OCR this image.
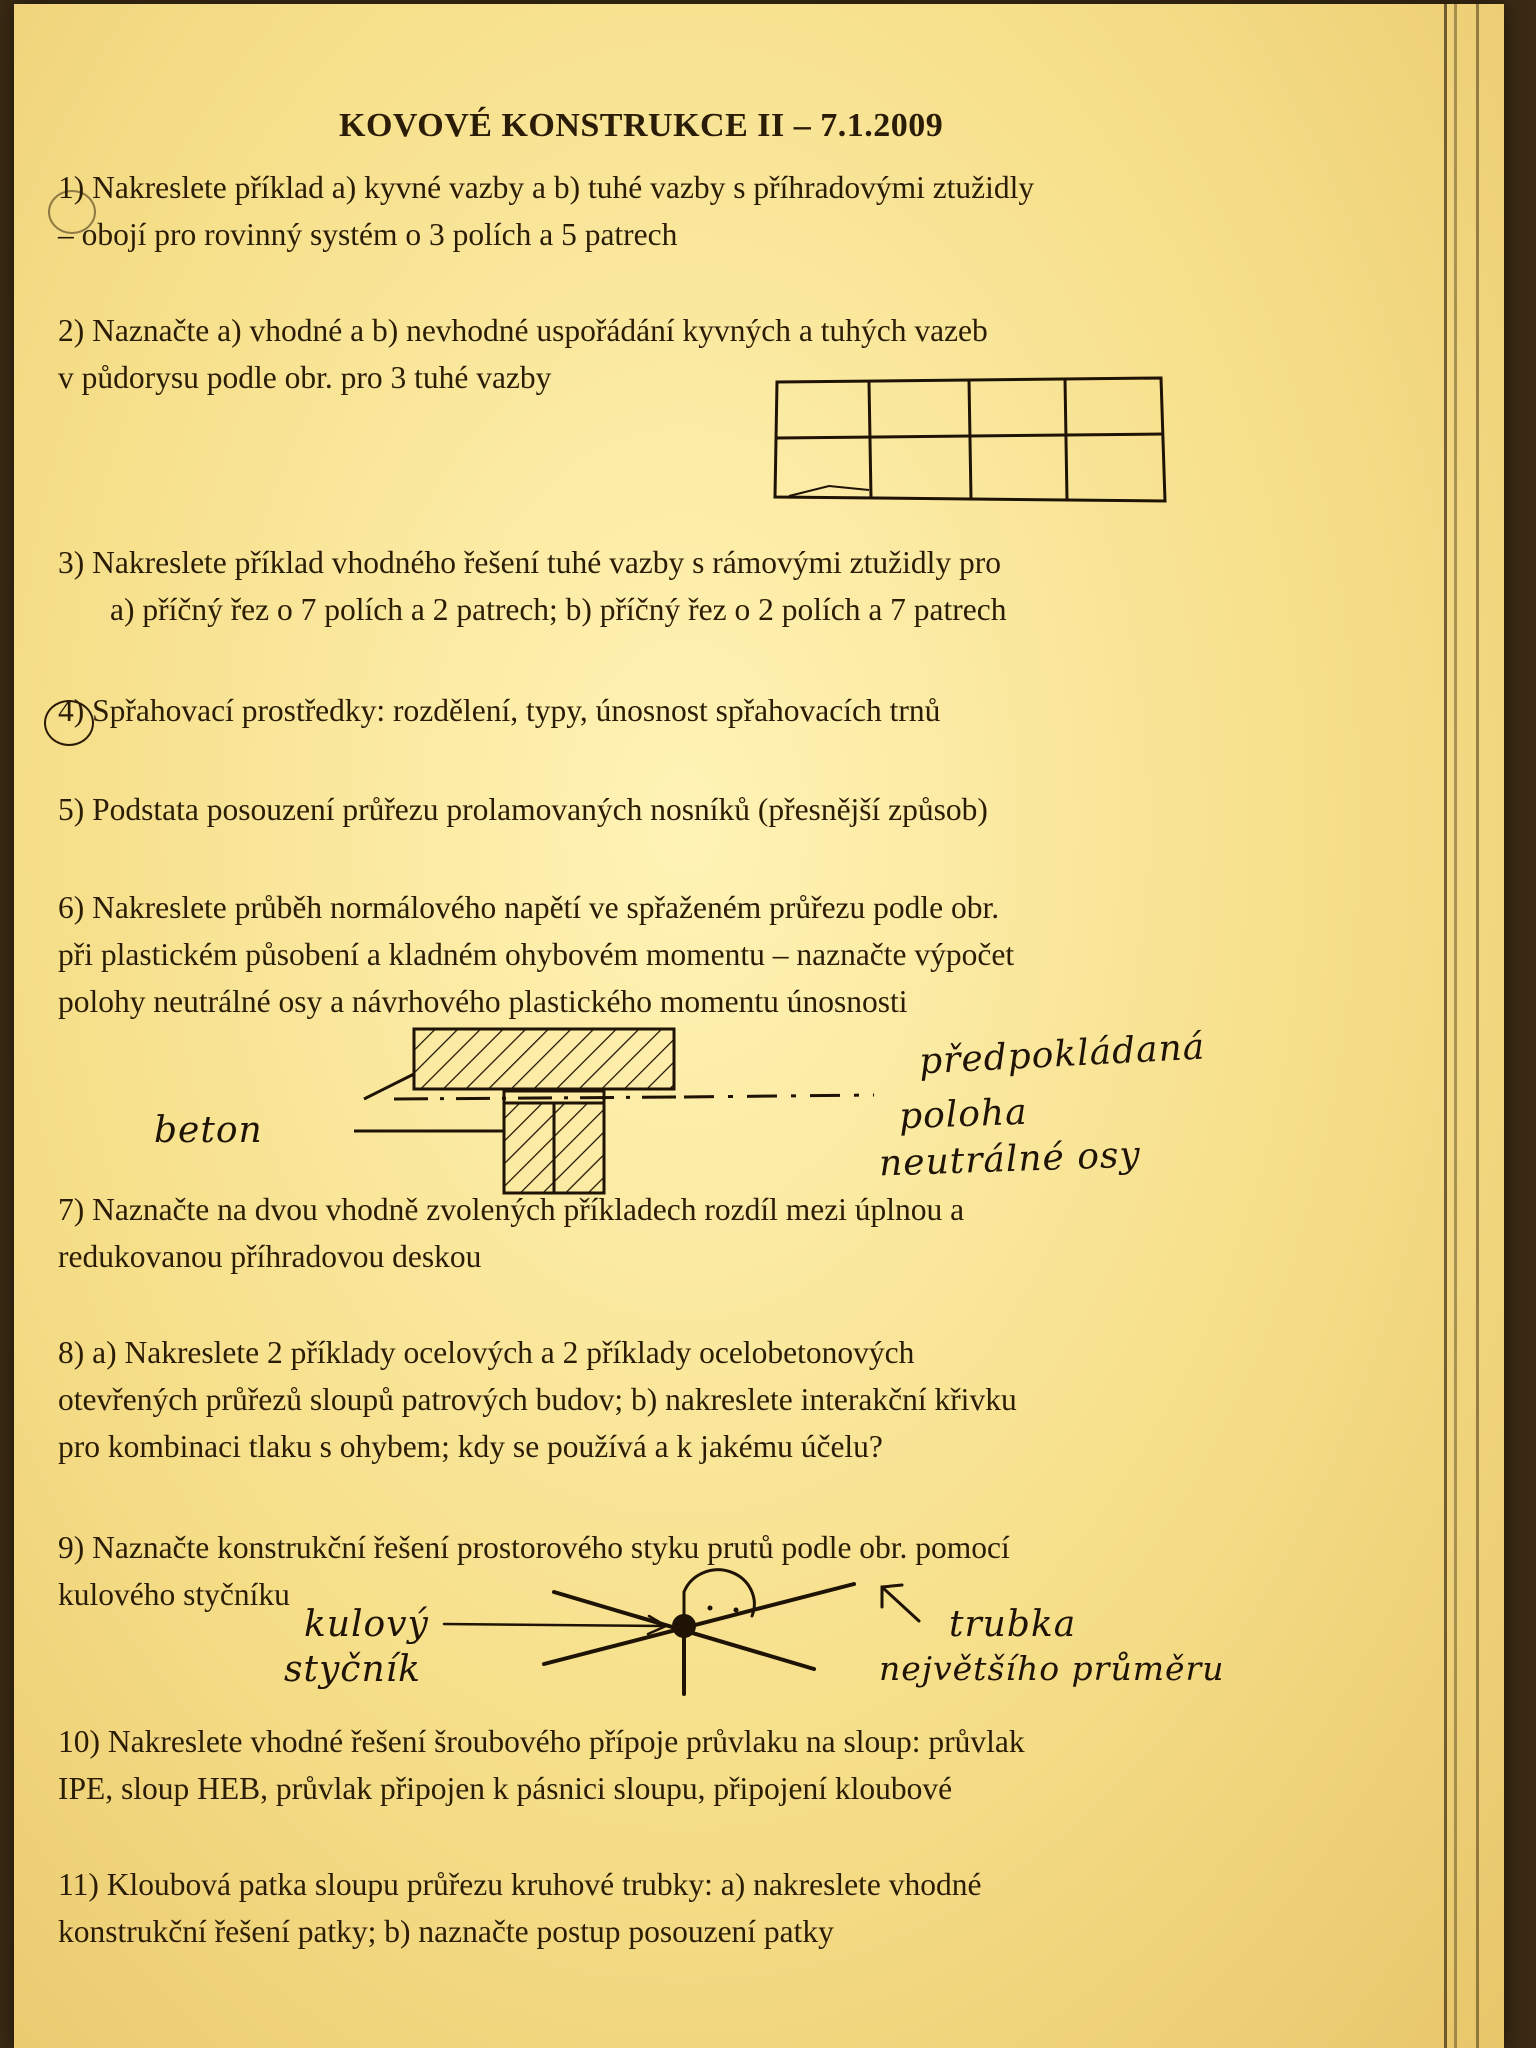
KOVOVÉ KONSTRUKCE II – 7.1.2009
1) Nakreslete příklad a) kyvné vazby a b) tuhé vazby s příhradovými ztužidly
– obojí pro rovinný systém o 3 polích a 5 patrech
2) Naznačte a) vhodné a b) nevhodné uspořádání kyvných a tuhých vazeb
v půdorysu podle obr. pro 3 tuhé vazby
3) Nakreslete příklad vhodného řešení tuhé vazby s rámovými ztužidly pro
a) příčný řez o 7 polích a 2 patrech; b) příčný řez o 2 polích a 7 patrech
4) Spřahovací prostředky: rozdělení, typy, únosnost spřahovacích trnů
5) Podstata posouzení průřezu prolamovaných nosníků (přesnější způsob)
6) Nakreslete průběh normálového napětí ve spřaženém průřezu podle obr.
při plastickém působení a kladném ohybovém momentu – naznačte výpočet
polohy neutrálné osy a návrhového plastického momentu únosnosti
beton
předpokládaná
poloha
neutrálné osy
7) Naznačte na dvou vhodně zvolených příkladech rozdíl mezi úplnou a
redukovanou příhradovou deskou
8) a) Nakreslete 2 příklady ocelových a 2 příklady ocelobetonových
otevřených průřezů sloupů patrových budov; b) nakreslete interakční křivku
pro kombinaci tlaku s ohybem; kdy se používá a k jakému účelu?
9) Naznačte konstrukční řešení prostorového styku prutů podle obr. pomocí
kulového styčníku
kulový
styčník
trubka
největšího průměru
10) Nakreslete vhodné řešení šroubového přípoje průvlaku na sloup: průvlak
IPE, sloup HEB, průvlak připojen k pásnici sloupu, připojení kloubové
11) Kloubová patka sloupu průřezu kruhové trubky: a) nakreslete vhodné
konstrukční řešení patky; b) naznačte postup posouzení patky
